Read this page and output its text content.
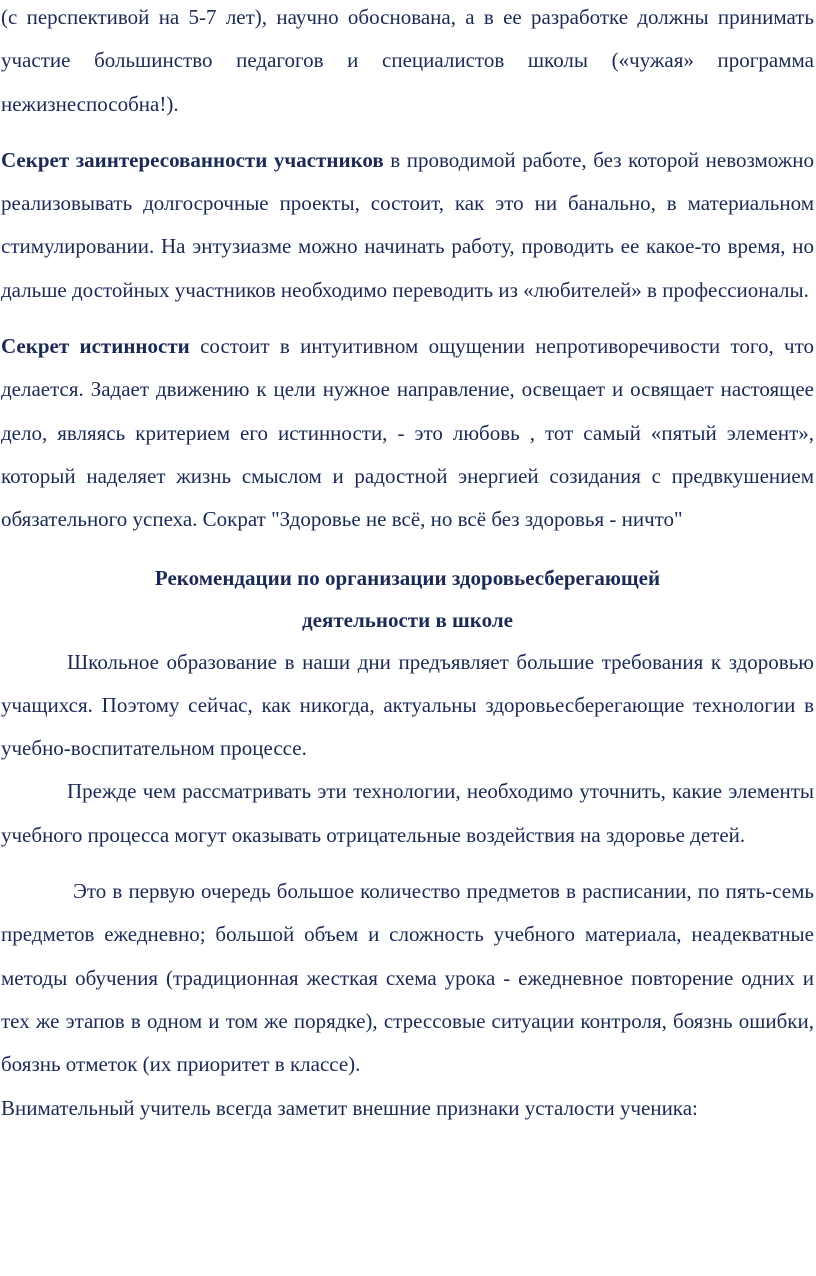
(с перспективой на 5-7 лет), научно обоснована, а в ее разработке должны принимать участие большинство педагогов и специалистов школы («чужая» программа нежизнеспособна!).

Секрет заинтересованности участников в проводимой работе, без которой невозможно реализовывать долгосрочные проекты, состоит, как это ни банально, в материальном стимулировании. На энтузиазме можно начинать работу, проводить ее какое-то время, но дальше достойных участников необходимо переводить из «любителей» в профессионалы.

Секрет истинности состоит в интуитивном ощущении непротиворечивости того, что делается. Задает движению к цели нужное направление, освещает и освящает настоящее дело, являясь критерием его истинности, - это любовь , тот самый «пятый элемент», который наделяет жизнь смыслом и радостной энергией созидания с предвкушением обязательного успеха. Сократ "Здоровье не всё, но всё без здоровья - ничто"

Рекомендации по организации здоровьесберегающей
деятельности в школе

Школьное образование в наши дни предъявляет большие требования к здоровью учащихся. Поэтому сейчас, как никогда, актуальны здоровьесберегающие технологии в учебно-воспитательном процессе.

Прежде чем рассматривать эти технологии, необходимо уточнить, какие элементы учебного процесса могут оказывать отрицательные воздействия на здоровье детей.

Это в первую очередь большое количество предметов в расписании, по пять-семь предметов ежедневно; большой объем и сложность учебного материала, неадекватные методы обучения (традиционная жесткая схема урока - ежедневное повторение одних и тех же этапов в одном и том же порядке), стрессовые ситуации контроля, боязнь ошибки, боязнь отметок (их приоритет в классе).

Внимательный учитель всегда заметит внешние признаки усталости ученика:
